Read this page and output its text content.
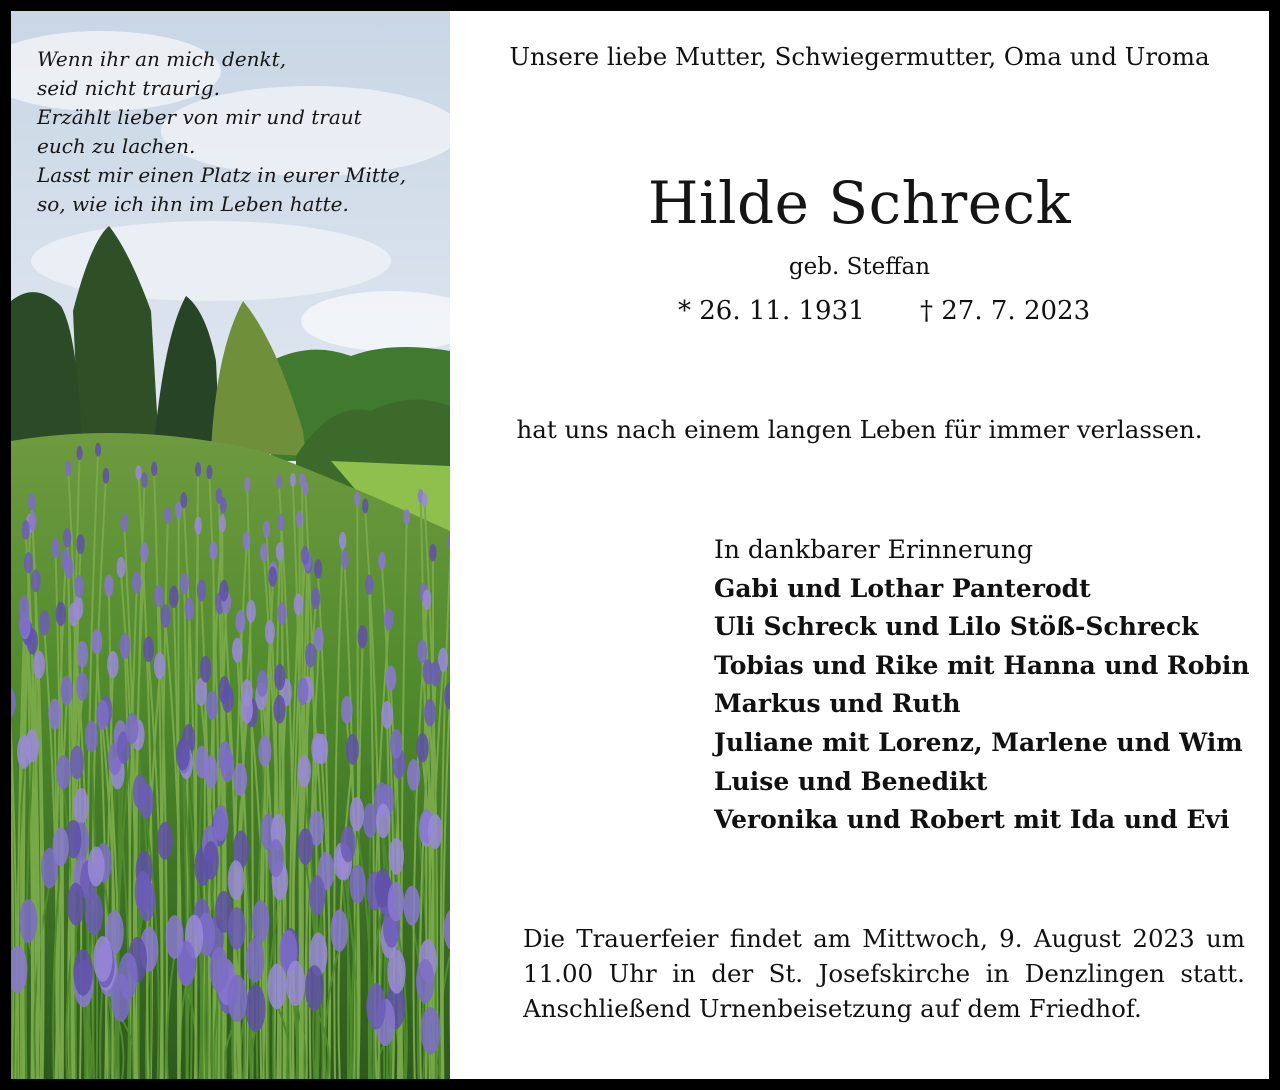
Wenn ihr an mich denkt,
seid nicht traurig.
Erzählt lieber von mir und traut
euch zu lachen.
Lasst mir einen Platz in eurer Mitte,
so, wie ich ihn im Leben hatte.
Unsere liebe Mutter, Schwiegermutter, Oma und Uroma
Hilde Schreck
geb. Steffan
* 26. 11. 1931 † 27. 7. 2023
hat uns nach einem langen Leben für immer verlassen.
In dankbarer Erinnerung
Gabi und Lothar Panterodt
Uli Schreck und Lilo Stöß-Schreck
Tobias und Rike mit Hanna und Robin
Markus und Ruth
Juliane mit Lorenz, Marlene und Wim
Luise und Benedikt
Veronika und Robert mit Ida und Evi
Die Trauerfeier findet am Mittwoch, 9. August 2023 um
11.00 Uhr in der St. Josefskirche in Denzlingen statt.
Anschließend Urnenbeisetzung auf dem Friedhof.
